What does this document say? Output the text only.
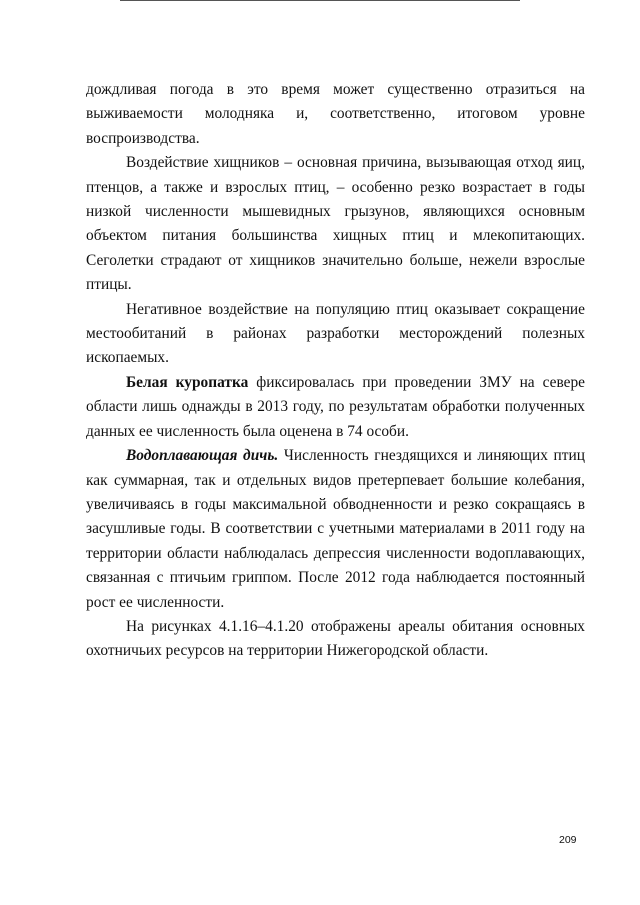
дождливая погода в это время может существенно отразиться на выживаемости молодняка и, соответственно, итоговом уровне воспроизводства.

Воздействие хищников – основная причина, вызывающая отход яиц, птенцов, а также и взрослых птиц, – особенно резко возрастает в годы низкой численности мышевидных грызунов, являющихся основным объектом питания большинства хищных птиц и млекопитающих. Сеголетки страдают от хищников значительно больше, нежели взрослые птицы.

Негативное воздействие на популяцию птиц оказывает сокращение местообитаний в районах разработки месторождений полезных ископаемых.

Белая куропатка фиксировалась при проведении ЗМУ на севере области лишь однажды в 2013 году, по результатам обработки полученных данных ее численность была оценена в 74 особи.

Водоплавающая дичь. Численность гнездящихся и линяющих птиц как суммарная, так и отдельных видов претерпевает большие колебания, увеличиваясь в годы максимальной обводненности и резко сокращаясь в засушливые годы. В соответствии с учетными материалами в 2011 году на территории области наблюдалась депрессия численности водоплавающих, связанная с птичьим гриппом. После 2012 года наблюдается постоянный рост ее численности.

На рисунках 4.1.16–4.1.20 отображены ареалы обитания основных охотничьих ресурсов на территории Нижегородской области.

209
